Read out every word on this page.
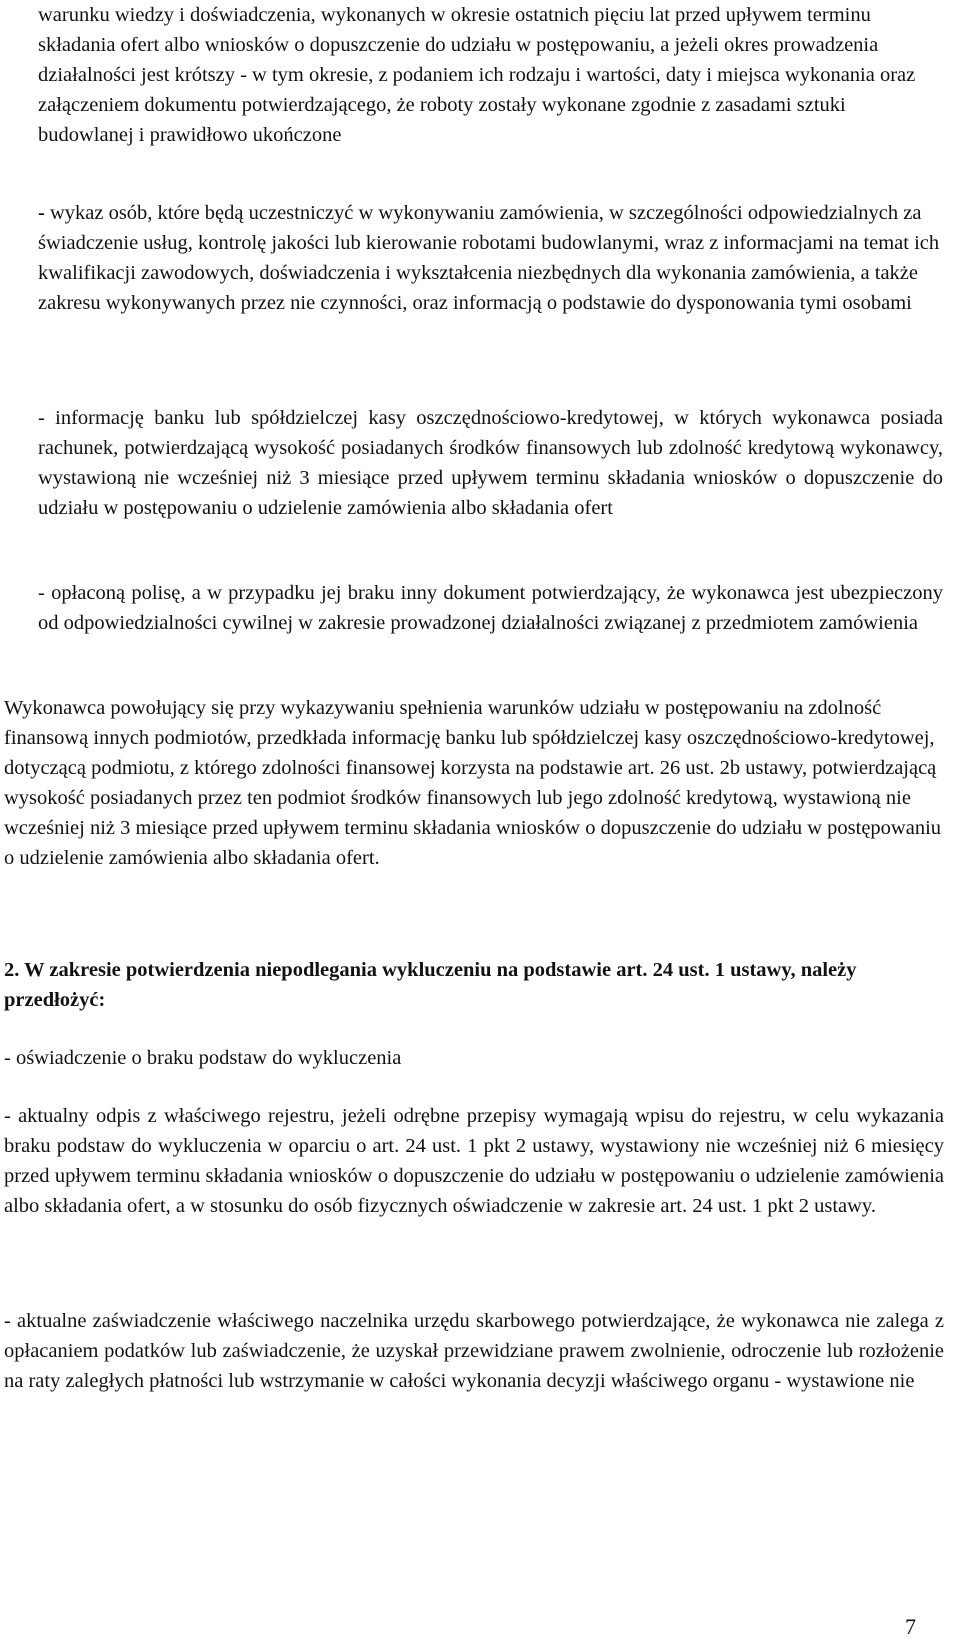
warunku wiedzy i doświadczenia, wykonanych w okresie ostatnich pięciu lat przed upływem terminu składania ofert albo wniosków o dopuszczenie do udziału w postępowaniu, a jeżeli okres prowadzenia działalności jest krótszy - w tym okresie, z podaniem ich rodzaju i wartości, daty i miejsca wykonania oraz załączeniem dokumentu potwierdzającego, że roboty zostały wykonane zgodnie z zasadami sztuki budowlanej i prawidłowo ukończone

- wykaz osób, które będą uczestniczyć w wykonywaniu zamówienia, w szczególności odpowiedzialnych za świadczenie usług, kontrolę jakości lub kierowanie robotami budowlanymi, wraz z informacjami na temat ich kwalifikacji zawodowych, doświadczenia i wykształcenia niezbędnych dla wykonania zamówienia, a także zakresu wykonywanych przez nie czynności, oraz informacją o podstawie do dysponowania tymi osobami

- informację banku lub spółdzielczej kasy oszczędnościowo-kredytowej, w których wykonawca posiada rachunek, potwierdzającą wysokość posiadanych środków finansowych lub zdolność kredytową wykonawcy, wystawioną nie wcześniej niż 3 miesiące przed upływem terminu składania wniosków o dopuszczenie do udziału w postępowaniu o udzielenie zamówienia albo składania ofert

- opłaconą polisę, a w przypadku jej braku inny dokument potwierdzający, że wykonawca jest ubezpieczony od odpowiedzialności cywilnej w zakresie prowadzonej działalności związanej z przedmiotem zamówienia

Wykonawca powołujący się przy wykazywaniu spełnienia warunków udziału w postępowaniu na zdolność finansową innych podmiotów, przedkłada informację banku lub spółdzielczej kasy oszczędnościowo-kredytowej, dotyczącą podmiotu, z którego zdolności finansowej korzysta na podstawie art. 26 ust. 2b ustawy, potwierdzającą wysokość posiadanych przez ten podmiot środków finansowych lub jego zdolność kredytową, wystawioną nie wcześniej niż 3 miesiące przed upływem terminu składania wniosków o dopuszczenie do udziału w postępowaniu o udzielenie zamówienia albo składania ofert.

2. W zakresie potwierdzenia niepodlegania wykluczeniu na podstawie art. 24 ust. 1 ustawy, należy przedłożyć:

- oświadczenie o braku podstaw do wykluczenia

- aktualny odpis z właściwego rejestru, jeżeli odrębne przepisy wymagają wpisu do rejestru, w celu wykazania braku podstaw do wykluczenia w oparciu o art. 24 ust. 1 pkt 2 ustawy, wystawiony nie wcześniej niż 6 miesięcy przed upływem terminu składania wniosków o dopuszczenie do udziału w postępowaniu o udzielenie zamówienia albo składania ofert, a w stosunku do osób fizycznych oświadczenie w zakresie art. 24 ust. 1 pkt 2 ustawy.

- aktualne zaświadczenie właściwego naczelnika urzędu skarbowego potwierdzające, że wykonawca nie zalega z opłacaniem podatków lub zaświadczenie, że uzyskał przewidziane prawem zwolnienie, odroczenie lub rozłożenie na raty zaległych płatności lub wstrzymanie w całości wykonania decyzji właściwego organu - wystawione nie

7
